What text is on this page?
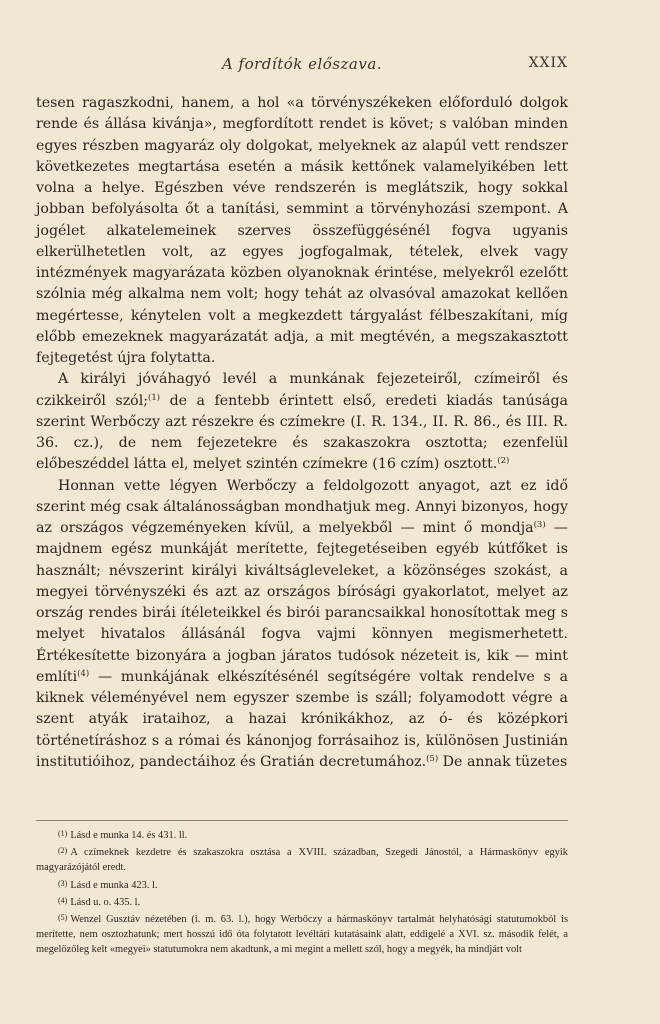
A fordítók előszava.	XXIX

tesen ragaszkodni, hanem, a hol «a törvényszékeken előforduló dolgok rende és állása kivánja», megfordított rendet is követ; s valóban minden egyes részben magyaráz oly dolgokat, melyeknek az alapúl vett rendszer következetes megtartása esetén a másik kettőnek valamelyikében lett volna a helye. Egészben véve rendszerén is meglátszik, hogy sokkal jobban befolyásolta őt a tanítási, semmint a törvényhozási szempont. A jogélet alkatelemeinek szerves összefüggésénél fogva ugyanis elkerülhetetlen volt, az egyes jogfogalmak, tételek, elvek vagy intézmények magyarázata közben olyanoknak érintése, melyekről ezelőtt szólnia még alkalma nem volt; hogy tehát az olvasóval amazokat kellően megértesse, kénytelen volt a megkezdett tárgyalást félbeszakítani, míg előbb emezeknek magyarázatát adja, a mit megtévén, a megszakasztott fejtegetést újra folytatta.

A királyi jóváhagyó levél a munkának fejezeteiről, czímeiről és czikkeiről szól;$^{(1)}$ de a fentebb érintett első, eredeti kiadás tanúsága szerint Werbőczy azt részekre és czímekre (I. R. 134., II. R. 86., és III. R. 36. cz.), de nem fejezetekre és szakaszokra osztotta; ezenfelül előbeszéddel látta el, melyet szintén czímekre (16 czím) osztott.$^{(2)}$

Honnan vette légyen Werbőczy a feldolgozott anyagot, azt ez idő szerint még csak általánosságban mondhatjuk meg. Annyi bizonyos, hogy az országos végzeményeken kívül, a melyekből — mint ő mondja$^{(3)}$ — majdnem egész munkáját merítette, fejtegetéseiben egyéb kútfőket is használt; névszerint királyi kiváltságleveleket, a közönséges szokást, a megyei törvényszéki és azt az országos bírósági gyakorlatot, melyet az ország rendes birái ítéleteikkel és birói parancsaikkal honosítottak meg s melyet hivatalos állásánál fogva vajmi könnyen megismerhetett. Értékesítette bizonyára a jogban járatos tudósok nézeteit is, kik — mint említi$^{(4)}$ — munkájának elkészítésénél segítségére voltak rendelve s a kiknek véleményével nem egyszer szembe is száll; folyamodott végre a szent atyák irataihoz, a hazai krónikákhoz, az ó- és középkori történetíráshoz s a római és kánonjog forrásaihoz is, különösen Justinián institutióihoz, pandectáihoz és Gratián decretumához.$^{(5)}$ De annak tüzetes

(1) Lásd e munka 14. és 431. ll.

(2) A czímeknek kezdetre és szakaszokra osztása a XVIII. században, Szegedi Jánostól, a Hármaskönyv egyik magyarázójától eredt.

(3) Lásd e munka 423. l.

(4) Lásd u. o. 435. l.

(5) Wenzel Gusztáv nézetében (i. m. 63. l.), hogy Werbőczy a hármaskönyv tartalmát helyhatósági statutumokból is merítette, nem osztozhatunk; mert hosszú idő óta folytatott levéltári kutatásaink alatt, eddigelé a XVI. sz. második felét, a megelőzőleg kelt «megyei» statutumokra nem akadtunk, a mi megint a mellett szól, hogy a megyék, ha mindjárt volt
